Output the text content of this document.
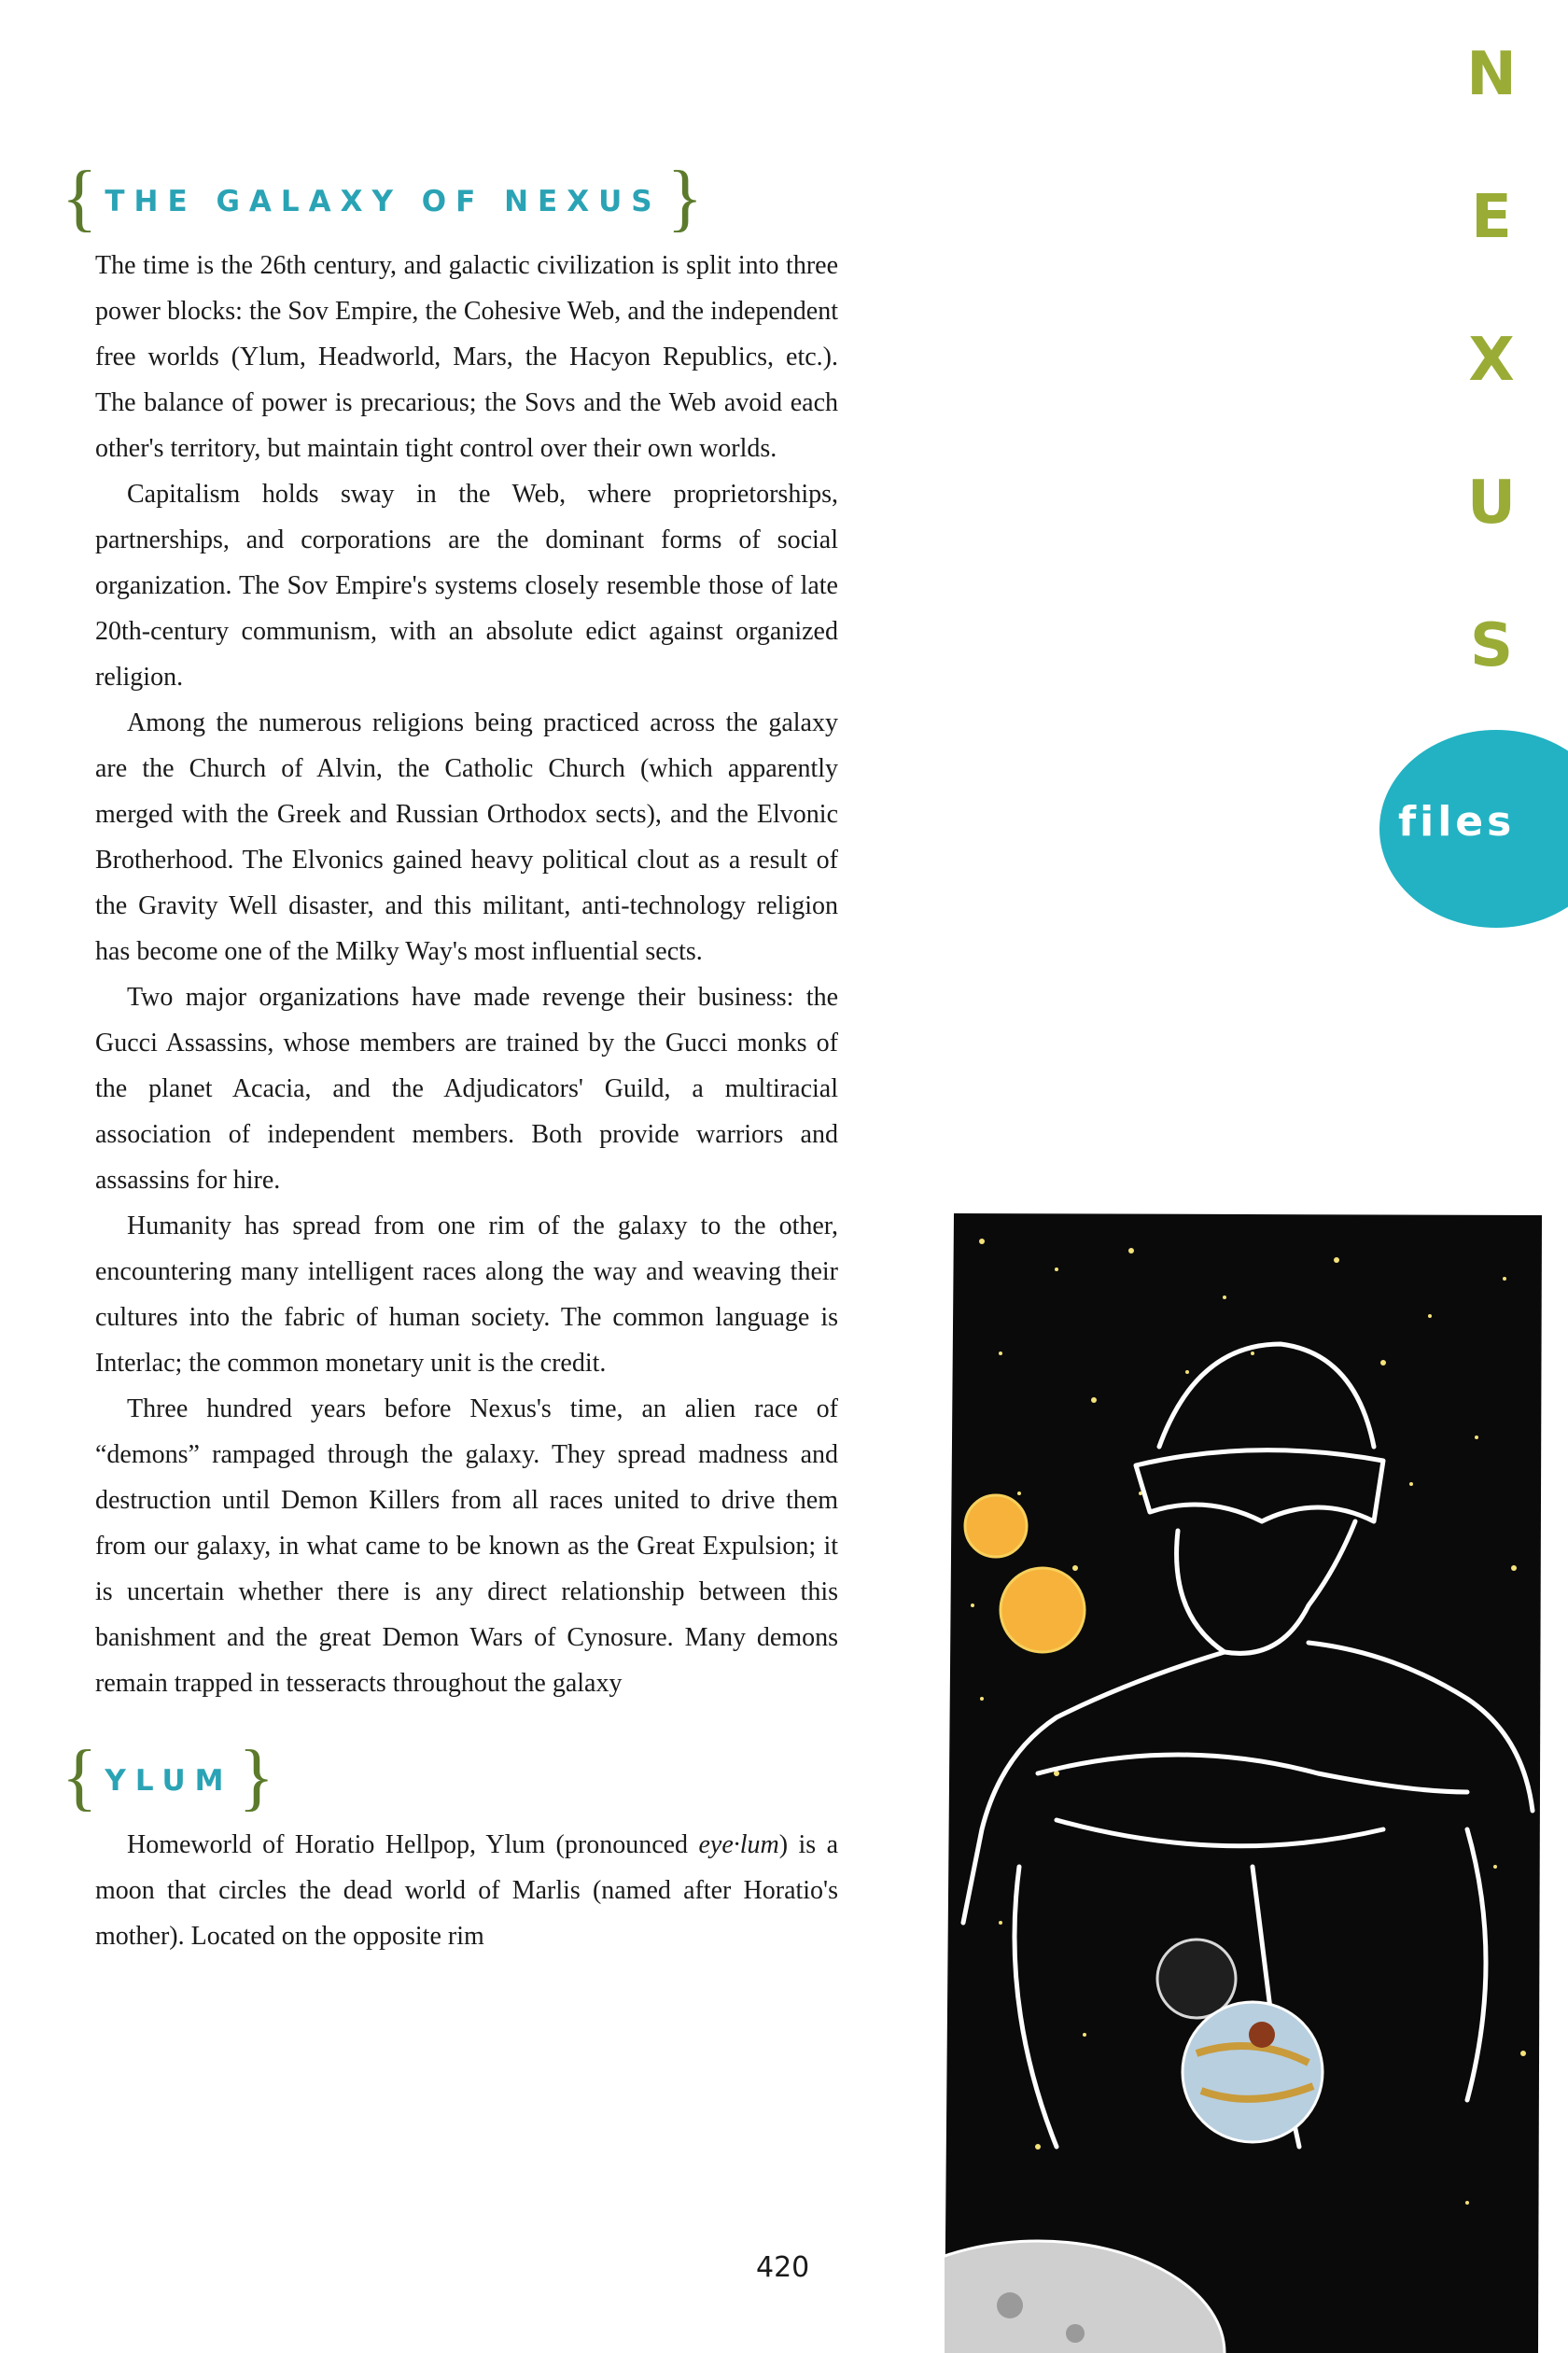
{ THE GALAXY OF NEXUS }

The time is the 26th century, and galactic civilization is split into three power blocks: the Sov Empire, the Cohesive Web, and the independent free worlds (Ylum, Headworld, Mars, the Hacyon Republics, etc.). The balance of power is precarious; the Sovs and the Web avoid each other's territory, but maintain tight control over their own worlds.

Capitalism holds sway in the Web, where proprietorships, partnerships, and corporations are the dominant forms of social organization. The Sov Empire's systems closely resemble those of late 20th-century communism, with an absolute edict against organized religion.

Among the numerous religions being practiced across the galaxy are the Church of Alvin, the Catholic Church (which apparently merged with the Greek and Russian Orthodox sects), and the Elvonic Brotherhood. The Elvonics gained heavy political clout as a result of the Gravity Well disaster, and this militant, anti-technology religion has become one of the Milky Way's most influential sects.

Two major organizations have made revenge their business: the Gucci Assassins, whose members are trained by the Gucci monks of the planet Acacia, and the Adjudicators' Guild, a multiracial association of independent members. Both provide warriors and assassins for hire.

Humanity has spread from one rim of the galaxy to the other, encountering many intelligent races along the way and weaving their cultures into the fabric of human society. The common language is Interlac; the common monetary unit is the credit.

Three hundred years before Nexus's time, an alien race of “demons” rampaged through the galaxy. They spread madness and destruction until Demon Killers from all races united to drive them from our galaxy, in what came to be known as the Great Expulsion; it is uncertain whether there is any direct relationship between this banishment and the great Demon Wars of Cynosure. Many demons remain trapped in tesseracts throughout the galaxy

{ YLUM }

Homeworld of Horatio Hellpop, Ylum (pronounced eye·lum) is a moon that circles the dead world of Marlis (named after Horatio's mother). Located on the opposite rim

420
N
E
X
U
S
files
